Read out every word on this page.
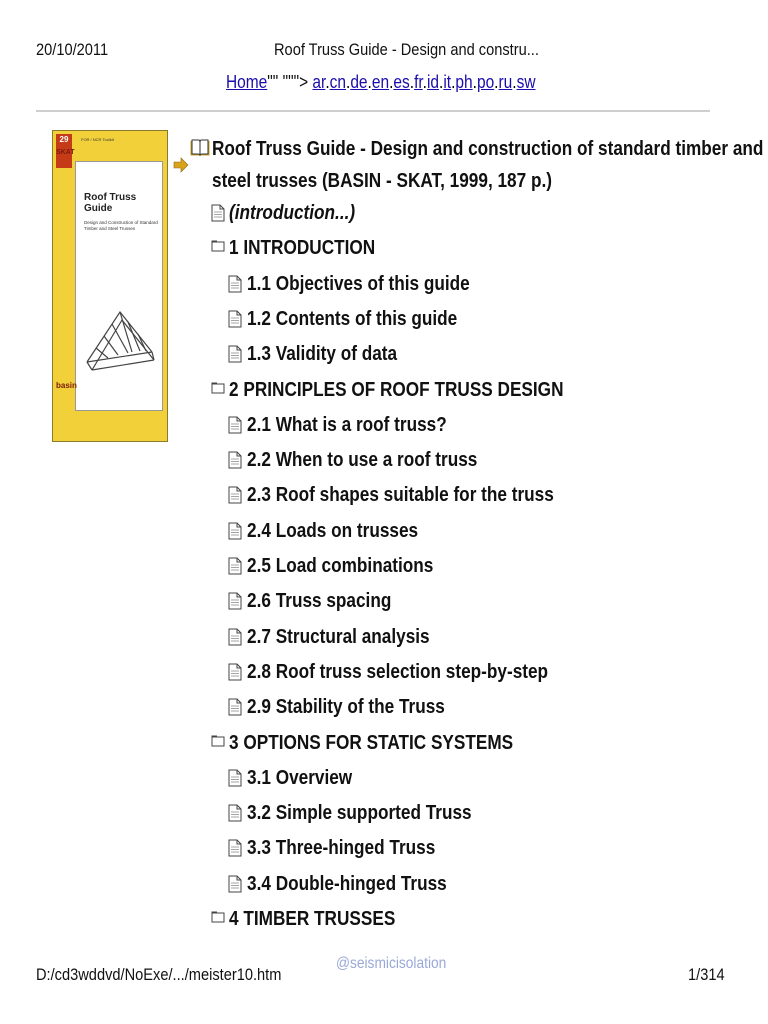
20/10/2011	Roof Truss Guide - Design and constru...
Home"" """> ar.cn.de.en.es.fr.id.it.ph.po.ru.sw
29
SKAT
FOR / NCR Toolkit
Roof Truss Guide
Design and Construction of Standard Timber and Steel Trusses
basin
Roof Truss Guide - Design and construction of standard timber and
steel trusses (BASIN - SKAT, 1999, 187 p.)
(introduction...)
1 INTRODUCTION
1.1 Objectives of this guide
1.2 Contents of this guide
1.3 Validity of data
2 PRINCIPLES OF ROOF TRUSS DESIGN
2.1 What is a roof truss?
2.2 When to use a roof truss
2.3 Roof shapes suitable for the truss
2.4 Loads on trusses
2.5 Load combinations
2.6 Truss spacing
2.7 Structural analysis
2.8 Roof truss selection step-by-step
2.9 Stability of the Truss
3 OPTIONS FOR STATIC SYSTEMS
3.1 Overview
3.2 Simple supported Truss
3.3 Three-hinged Truss
3.4 Double-hinged Truss
4 TIMBER TRUSSES
D:/cd3wddvd/NoExe/.../meister10.htm
@seismicisolation
1/314
